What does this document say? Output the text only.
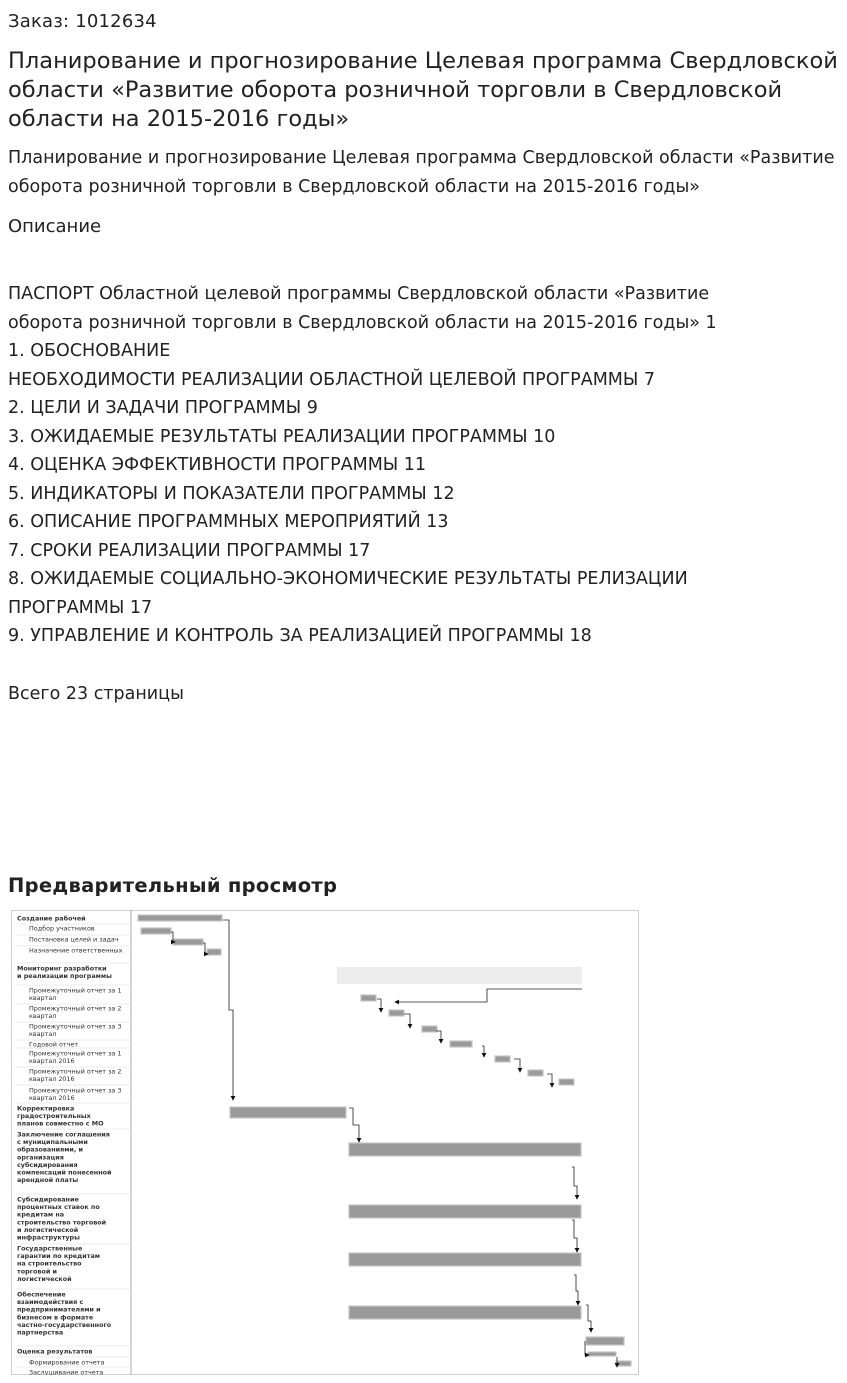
Заказ: 1012634
Планирование и прогнозирование Целевая программа Свердловской области «Развитие оборота розничной торговли в Свердловской области на 2015-2016 годы»
Планирование и прогнозирование Целевая программа Свердловской области «Развитие оборота розничной торговли в Свердловской области на 2015-2016 годы»
Описание
ПАСПОРТ Областной целевой программы Свердловской области «Развитие
оборота розничной торговли в Свердловской области на 2015-2016 годы» 1
1. ОБОСНОВАНИЕ
НЕОБХОДИМОСТИ РЕАЛИЗАЦИИ ОБЛАСТНОЙ ЦЕЛЕВОЙ ПРОГРАММЫ 7
2. ЦЕЛИ И ЗАДАЧИ ПРОГРАММЫ 9
3. ОЖИДАЕМЫЕ РЕЗУЛЬТАТЫ РЕАЛИЗАЦИИ ПРОГРАММЫ 10
4. ОЦЕНКА ЭФФЕКТИВНОСТИ ПРОГРАММЫ 11
5. ИНДИКАТОРЫ И ПОКАЗАТЕЛИ ПРОГРАММЫ 12
6. ОПИСАНИЕ ПРОГРАММНЫХ МЕРОПРИЯТИЙ 13
7. СРОКИ РЕАЛИЗАЦИИ ПРОГРАММЫ 17
8. ОЖИДАЕМЫЕ СОЦИАЛЬНО-ЭКОНОМИЧЕСКИЕ РЕЗУЛЬТАТЫ РЕЛИЗАЦИИ
ПРОГРАММЫ 17
9. УПРАВЛЕНИЕ И КОНТРОЛЬ ЗА РЕАЛИЗАЦИЕЙ ПРОГРАММЫ 18
Всего 23 страницы
Предварительный просмотр
Создание рабочей
Подбор участников
Постановка целей и задач
Назначение ответственных
Мониторинг разработки и реализации программы
Промежуточный отчет за 1 квартал
Промежуточный отчет за 2 квартал
Промежуточный отчет за 3 квартал
Годовой отчет
Промежуточный отчет за 1 квартал 2016
Промежуточный отчет за 2 квартал 2016
Промежуточный отчет за 3 квартал 2016
Корректировка градостроительных планов совместно с МО
Заключение соглашения с муниципальными образованиями, и организация субсидирования компенсаций понесенной арендной платы
Субсидирование процентных ставок по кредитам на строительство торговой и логистической инфраструктуры
Государственные гарантии по кредитам на строительство торговой и логистической
Обеспечение взаимодействия с предпринимателями и бизнесом в формате частно-государственного партнерства
Оценка результатов
Формирование отчета
Заслушивание отчета
